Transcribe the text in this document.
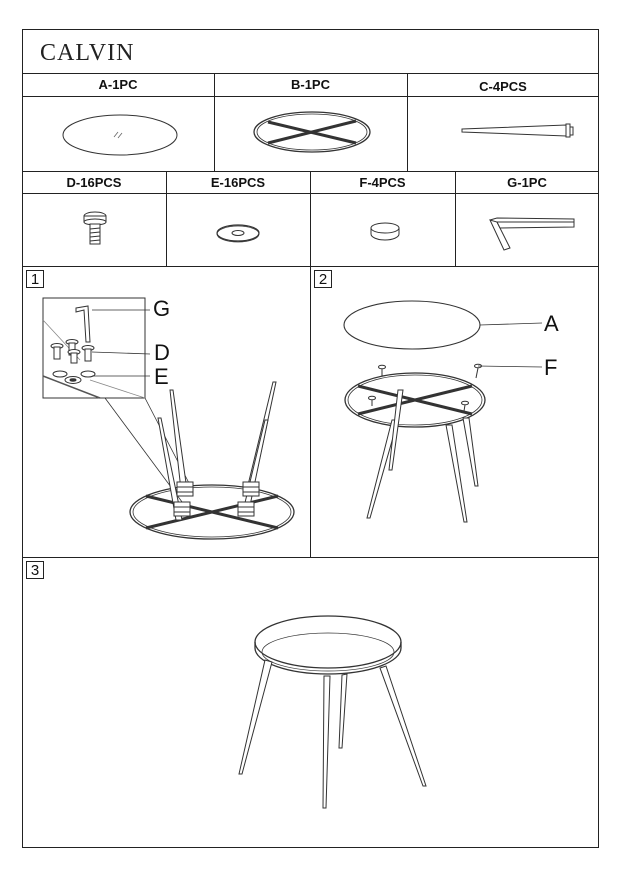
CALVIN
A-1PC	B-1PC	C-4PCS
D-16PCS	E-16PCS	F-4PCS	G-1PC
1	2
3
G
D
E
A
F
